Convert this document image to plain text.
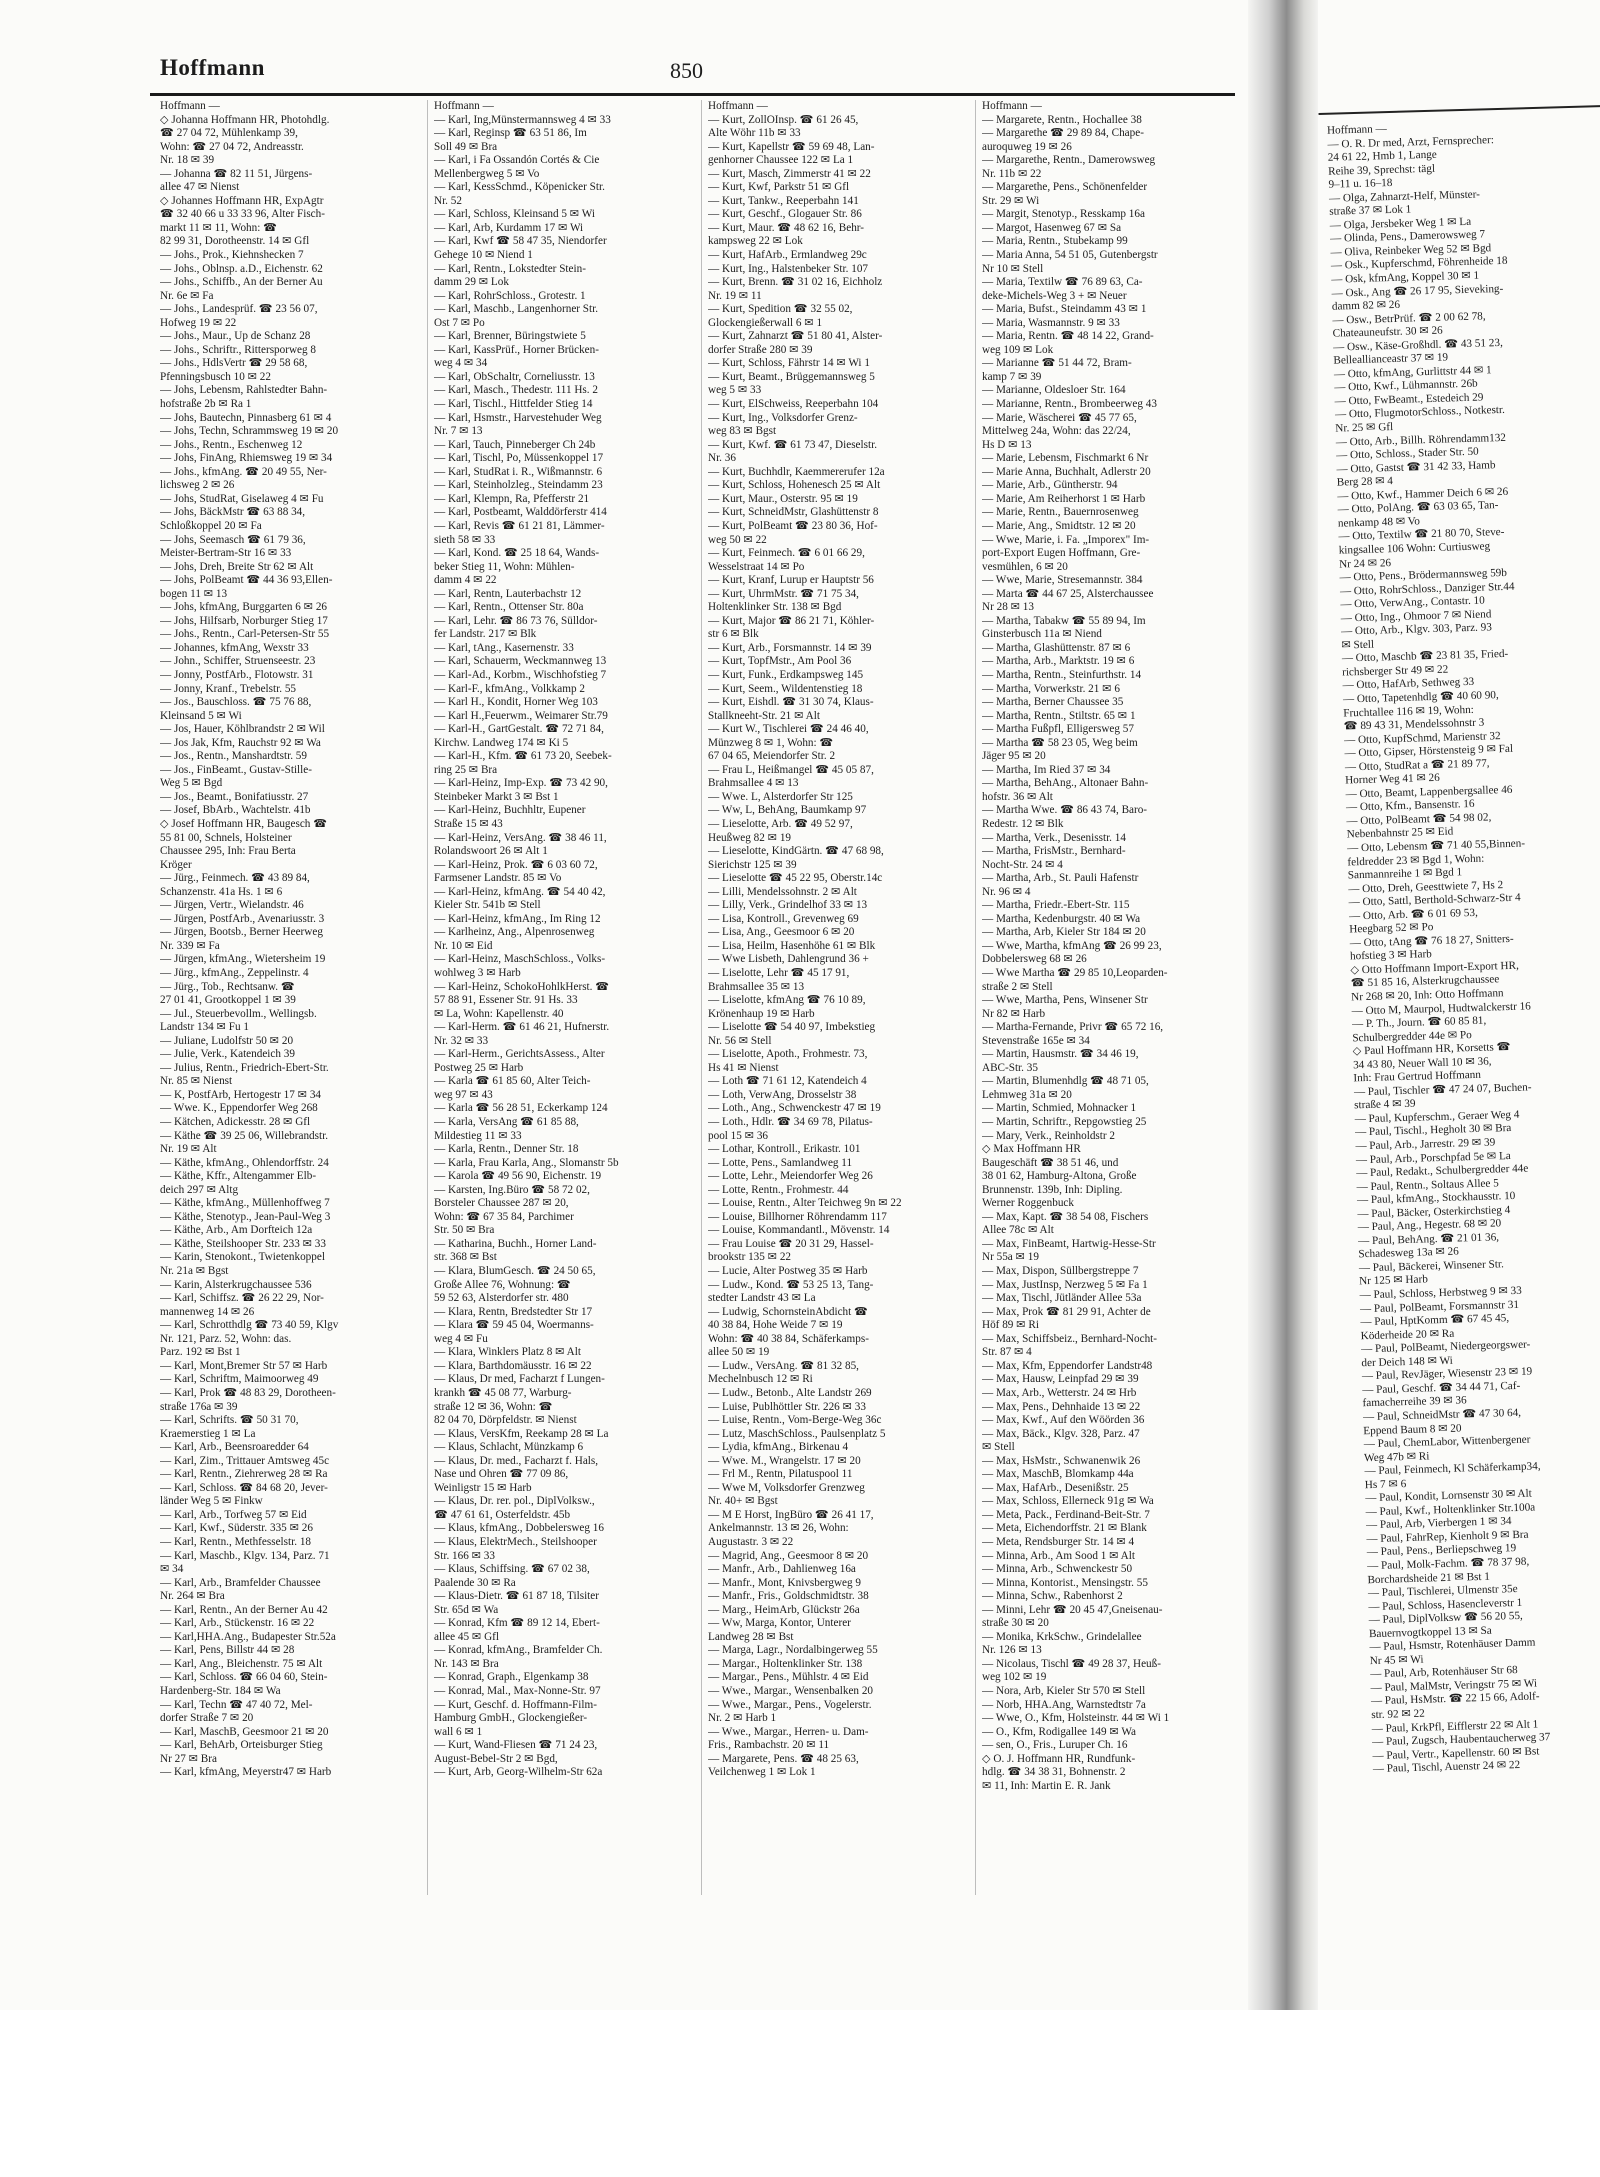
Hoffmann	850
Hoffmann —
◇ Johanna Hoffmann HR, Photohdlg.
☎ 27 04 72, Mühlenkamp 39,
Wohn: ☎ 27 04 72, Andreasstr.
Nr. 18 ✉ 39
— Johanna ☎ 82 11 51, Jürgens-
allee 47 ✉ Nienst
◇ Johannes Hoffmann HR, ExpAgtr
☎ 32 40 66 u 33 33 96, Alter Fisch-
markt 11 ✉ 11, Wohn: ☎
82 99 31, Dorotheenstr. 14 ✉ Gfl
— Johs., Prok., Kiehnshecken 7
— Johs., Oblnsp. a.D., Eichenstr. 62
— Johs., Schiffb., An der Berner Au
Nr. 6e ✉ Fa
— Johs., Landesprüf. ☎ 23 56 07,
Hofweg 19 ✉ 22
— Johs., Maur., Up de Schanz 28
— Johs., Schriftr., Rittersporweg 8
— Johs., HdlsVertr ☎ 29 58 68,
Pfenningsbusch 10 ✉ 22
— Johs, Lebensm, Rahlstedter Bahn-
hofstraße 2b ✉ Ra 1
— Johs, Bautechn, Pinnasberg 61 ✉ 4
— Johs, Techn, Schrammsweg 19 ✉ 20
— Johs., Rentn., Eschenweg 12
— Johs, FinAng, Rhiemsweg 19 ✉ 34
— Johs., kfmAng. ☎ 20 49 55, Ner-
lichsweg 2 ✉ 26
— Johs, StudRat, Giselaweg 4 ✉ Fu
— Johs, BäckMstr ☎ 63 88 34,
Schloßkoppel 20 ✉ Fa
— Johs, Seemasch ☎ 61 79 36,
Meister-Bertram-Str 16 ✉ 33
— Johs, Dreh, Breite Str 62 ✉ Alt
— Johs, PolBeamt ☎ 44 36 93,Ellen-
bogen 11 ✉ 13
— Johs, kfmAng, Burggarten 6 ✉ 26
— Johs, Hilfsarb, Norburger Stieg 17
— Johs., Rentn., Carl-Petersen-Str 55
— Johannes, kfmAng, Wexstr 33
— John., Schiffer, Struenseestr. 23
— Jonny, PostfArb., Flotowstr. 31
— Jonny, Kranf., Trebelstr. 55
— Jos., Bauschloss. ☎ 75 76 88,
Kleinsand 5 ✉ Wi
— Jos, Hauer, Köhlbrandstr 2 ✉ Wil
— Jos Jak, Kfm, Rauchstr 92 ✉ Wa
— Jos., Rentn., Manshardtstr. 59
— Jos., FinBeamt., Gustav-Stille-
Weg 5 ✉ Bgd
— Jos., Beamt., Bonifatiusstr. 27
— Josef, BbArb., Wachtelstr. 41b
◇ Josef Hoffmann HR, Baugesch ☎
55 81 00, Schnels, Holsteiner
Chaussee 295, Inh: Frau Berta
Kröger
— Jürg., Feinmech. ☎ 43 89 84,
Schanzenstr. 41a Hs. 1 ✉ 6
— Jürgen, Vertr., Wielandstr. 46
— Jürgen, PostfArb., Avenariusstr. 3
— Jürgen, Bootsb., Berner Heerweg
Nr. 339 ✉ Fa
— Jürgen, kfmAng., Wietersheim 19
— Jürg., kfmAng., Zeppelinstr. 4
— Jürg., Tob., Rechtsanw. ☎
27 01 41, Grootkoppel 1 ✉ 39
— Jul., Steuerbevollm., Wellingsb.
Landstr 134 ✉ Fu 1
— Juliane, Ludolfstr 50 ✉ 20
— Julie, Verk., Katendeich 39
— Julius, Rentn., Friedrich-Ebert-Str.
Nr. 85 ✉ Nienst
— K, PostfArb, Hertogestr 17 ✉ 34
— Wwe. K., Eppendorfer Weg 268
— Kätchen, Adickesstr. 28 ✉ Gfl
— Käthe ☎ 39 25 06, Willebrandstr.
Nr. 19 ✉ Alt
— Käthe, kfmAng., Ohlendorffstr. 24
— Käthe, Kffr., Altengammer Elb-
deich 297 ✉ Altg
— Käthe, kfmAng., Müllenhoffweg 7
— Käthe, Stenotyp., Jean-Paul-Weg 3
— Käthe, Arb., Am Dorfteich 12a
— Käthe, Steilshooper Str. 233 ✉ 33
— Karin, Stenokont., Twietenkoppel
Nr. 21a ✉ Bgst
— Karin, Alsterkrugchaussee 536
— Karl, Schiffsz. ☎ 26 22 29, Nor-
mannenweg 14 ✉ 26
— Karl, Schrotthdlg ☎ 73 40 59, Klgv
Nr. 121, Parz. 52, Wohn: das.
Parz. 192 ✉ Bst 1
— Karl, Mont,Bremer Str 57 ✉ Harb
— Karl, Schriftm, Maimoorweg 49
— Karl, Prok ☎ 48 83 29, Dorotheen-
straße 176a ✉ 39
— Karl, Schrifts. ☎ 50 31 70,
Kraemerstieg 1 ✉ La
— Karl, Arb., Beensroaredder 64
— Karl, Zim., Trittauer Amtsweg 45c
— Karl, Rentn., Ziehrerweg 28 ✉ Ra
— Karl, Schloss. ☎ 84 68 20, Jever-
länder Weg 5 ✉ Finkw
— Karl, Arb., Torfweg 57 ✉ Eid
— Karl, Kwf., Süderstr. 335 ✉ 26
— Karl, Rentn., Methfesselstr. 18
— Karl, Maschb., Klgv. 134, Parz. 71
✉ 34
— Karl, Arb., Bramfelder Chaussee
Nr. 264 ✉ Bra
— Karl, Rentn., An der Berner Au 42
— Karl, Arb., Stückenstr. 16 ✉ 22
— Karl,HHA.Ang., Budapester Str.52a
— Karl, Pens, Billstr 44 ✉ 28
— Karl, Ang., Bleichenstr. 75 ✉ Alt
— Karl, Schloss. ☎ 66 04 60, Stein-
Hardenberg-Str. 184 ✉ Wa
— Karl, Techn ☎ 47 40 72, Mel-
dorfer Straße 7 ✉ 20
— Karl, MaschB, Geesmoor 21 ✉ 20
— Karl, BehArb, Orteisburger Stieg
Nr 27 ✉ Bra
— Karl, kfmAng, Meyerstr47 ✉ Harb
Hoffmann —
— Karl, Ing,Münstermannsweg 4 ✉ 33
— Karl, Reginsp ☎ 63 51 86, Im
Soll 49 ✉ Bra
— Karl, i Fa Ossandón Cortés & Cie
Mellenbergweg 5 ✉ Vo
— Karl, KessSchmd., Köpenicker Str.
Nr. 52
— Karl, Schloss, Kleinsand 5 ✉ Wi
— Karl, Arb, Kurdamm 17 ✉ Wi
— Karl, Kwf ☎ 58 47 35, Niendorfer
Gehege 10 ✉ Niend 1
— Karl, Rentn., Lokstedter Stein-
damm 29 ✉ Lok
— Karl, RohrSchloss., Grotestr. 1
— Karl, Maschb., Langenhorner Str.
Ost 7 ✉ Po
— Karl, Brenner, Büringstwiete 5
— Karl, KassPrüf., Horner Brücken-
weg 4 ✉ 34
— Karl, ObSchaltr, Corneliusstr. 13
— Karl, Masch., Thedestr. 111 Hs. 2
— Karl, Tischl., Hittfelder Stieg 14
— Karl, Hsmstr., Harvestehuder Weg
Nr. 7 ✉ 13
— Karl, Tauch, Pinneberger Ch 24b
— Karl, Tischl, Po, Müssenkoppel 17
— Karl, StudRat i. R., Wißmannstr. 6
— Karl, Steinholzleg., Steindamm 23
— Karl, Klempn, Ra, Pfefferstr 21
— Karl, Postbeamt, Walddörferstr 414
— Karl, Revis ☎ 61 21 81, Lämmer-
sieth 58 ✉ 33
— Karl, Kond. ☎ 25 18 64, Wands-
beker Stieg 11, Wohn: Mühlen-
damm 4 ✉ 22
— Karl, Rentn, Lauterbachstr 12
— Karl, Rentn., Ottenser Str. 80a
— Karl, Lehr. ☎ 86 73 76, Sülldor-
fer Landstr. 217 ✉ Blk
— Karl, tAng., Kasernenstr. 33
— Karl, Schauerm, Weckmannweg 13
— Karl-Ad., Korbm., Wischhofstieg 7
— Karl-F., kfmAng., Volkkamp 2
— Karl H., Kondit, Horner Weg 103
— Karl H.,Feuerwm., Weimarer Str.79
— Karl-H., GartGestalt. ☎ 72 71 84,
Kirchw. Landweg 174 ✉ Ki 5
— Karl-H., Kfm. ☎ 61 73 20, Seebek-
ring 25 ✉ Bra
— Karl-Heinz, Imp-Exp. ☎ 73 42 90,
Steinbeker Markt 3 ✉ Bst 1
— Karl-Heinz, Buchhltr, Eupener
Straße 15 ✉ 43
— Karl-Heinz, VersAng. ☎ 38 46 11,
Rolandswoort 26 ✉ Alt 1
— Karl-Heinz, Prok. ☎ 6 03 60 72,
Farmsener Landstr. 85 ✉ Vo
— Karl-Heinz, kfmAng. ☎ 54 40 42,
Kieler Str. 541b ✉ Stell
— Karl-Heinz, kfmAng., Im Ring 12
— Karlheinz, Ang., Alpenrosenweg
Nr. 10 ✉ Eid
— Karl-Heinz, MaschSchloss., Volks-
wohlweg 3 ✉ Harb
— Karl-Heinz, SchokoHohlkHerst. ☎
57 88 91, Essener Str. 91 Hs. 33
✉ La, Wohn: Kapellenstr. 40
— Karl-Herm. ☎ 61 46 21, Hufnerstr.
Nr. 32 ✉ 33
— Karl-Herm., GerichtsAssess., Alter
Postweg 25 ✉ Harb
— Karla ☎ 61 85 60, Alter Teich-
weg 97 ✉ 43
— Karla ☎ 56 28 51, Eckerkamp 124
— Karla, VersAng ☎ 61 85 88,
Mildestieg 11 ✉ 33
— Karla, Rentn., Denner Str. 18
— Karla, Frau Karla, Ang., Slomanstr 5b
— Karola ☎ 49 56 90, Eichenstr. 19
— Karsten, Ing.Büro ☎ 58 72 02,
Borsteler Chaussee 287 ✉ 20,
Wohn: ☎ 67 35 84, Parchimer
Str. 50 ✉ Bra
— Katharina, Buchh., Horner Land-
str. 368 ✉ Bst
— Klara, BlumGesch. ☎ 24 50 65,
Große Allee 76, Wohnung: ☎
59 52 63, Alsterdorfer str. 480
— Klara, Rentn, Bredstedter Str 17
— Klara ☎ 59 45 04, Woermanns-
weg 4 ✉ Fu
— Klara, Winklers Platz 8 ✉ Alt
— Klara, Barthdomäusstr. 16 ✉ 22
— Klaus, Dr med, Facharzt f Lungen-
krankh ☎ 45 08 77, Warburg-
straße 12 ✉ 36, Wohn: ☎
82 04 70, Dörpfeldstr. ✉ Nienst
— Klaus, VersKfm, Reekamp 28 ✉ La
— Klaus, Schlacht, Münzkamp 6
— Klaus, Dr. med., Facharzt f. Hals,
Nase und Ohren ☎ 77 09 86,
Weinligstr 15 ✉ Harb
— Klaus, Dr. rer. pol., DiplVolksw.,
☎ 47 61 61, Osterfeldstr. 45b
— Klaus, kfmAng., Dobbelersweg 16
— Klaus, ElektrMech., Steilshooper
Str. 166 ✉ 33
— Klaus, Schiffsing. ☎ 67 02 38,
Paalende 30 ✉ Ra
— Klaus-Dietr. ☎ 61 87 18, Tilsiter
Str. 65d ✉ Wa
— Konrad, Kfm ☎ 89 12 14, Ebert-
allee 45 ✉ Gfl
— Konrad, kfmAng., Bramfelder Ch.
Nr. 143 ✉ Bra
— Konrad, Graph., Elgenkamp 38
— Konrad, Mal., Max-Nonne-Str. 97
— Kurt, Geschf. d. Hoffmann-Film-
Hamburg GmbH., Glockengießer-
wall 6 ✉ 1
— Kurt, Wand-Fliesen ☎ 71 24 23,
August-Bebel-Str 2 ✉ Bgd,
— Kurt, Arb, Georg-Wilhelm-Str 62a
Hoffmann —
— Kurt, ZollOInsp. ☎ 61 26 45,
Alte Wöhr 11b ✉ 33
— Kurt, Kapellstr ☎ 59 69 48, Lan-
genhorner Chaussee 122 ✉ La 1
— Kurt, Masch, Zimmerstr 41 ✉ 22
— Kurt, Kwf, Parkstr 51 ✉ Gfl
— Kurt, Tankw., Reeperbahn 141
— Kurt, Geschf., Glogauer Str. 86
— Kurt, Maur. ☎ 48 62 16, Behr-
kampsweg 22 ✉ Lok
— Kurt, HafArb., Ermlandweg 29c
— Kurt, Ing., Halstenbeker Str. 107
— Kurt, Brenn. ☎ 31 02 16, Eichholz
Nr. 19 ✉ 11
— Kurt, Spedition ☎ 32 55 02,
Glockengießerwall 6 ✉ 1
— Kurt, Zahnarzt ☎ 51 80 41, Alster-
dorfer Straße 280 ✉ 39
— Kurt, Schloss, Fährstr 14 ✉ Wi 1
— Kurt, Beamt., Brüggemannsweg 5
weg 5 ✉ 33
— Kurt, ElSchweiss, Reeperbahn 104
— Kurt, Ing., Volksdorfer Grenz-
weg 83 ✉ Bgst
— Kurt, Kwf. ☎ 61 73 47, Dieselstr.
Nr. 36
— Kurt, Buchhdlr, Kaemmererufer 12a
— Kurt, Schloss, Hohenesch 25 ✉ Alt
— Kurt, Maur., Osterstr. 95 ✉ 19
— Kurt, SchneidMstr, Glashüttenstr 8
— Kurt, PolBeamt ☎ 23 80 36, Hof-
weg 50 ✉ 22
— Kurt, Feinmech. ☎ 6 01 66 29,
Wesselstraat 14 ✉ Po
— Kurt, Kranf, Lurup er Hauptstr 56
— Kurt, UhrmMstr. ☎ 71 75 34,
Holtenklinker Str. 138 ✉ Bgd
— Kurt, Major ☎ 86 21 71, Köhler-
str 6 ✉ Blk
— Kurt, Arb., Forsmannstr. 14 ✉ 39
— Kurt, TopfMstr., Am Pool 36
— Kurt, Funk., Erdkampsweg 145
— Kurt, Seem., Wildentenstieg 18
— Kurt, Eishdl. ☎ 31 30 74, Klaus-
Stallkneeht-Str. 21 ✉ Alt
— Kurt W., Tischlerei ☎ 24 46 40,
Münzweg 8 ✉ 1, Wohn: ☎
67 04 65, Meiendorfer Str. 2
— Frau L, Heißmangel ☎ 45 05 87,
Brahmsallee 4 ✉ 13
— Wwe. L, Alsterdorfer Str 125
— Ww, L, BehAng, Baumkamp 97
— Lieselotte, Arb. ☎ 49 52 97,
Heußweg 82 ✉ 19
— Lieselotte, KindGärtn. ☎ 47 68 98,
Sierichstr 125 ✉ 39
— Lieselotte ☎ 45 22 95, Oberstr.14c
— Lilli, Mendelssohnstr. 2 ✉ Alt
— Lilly, Verk., Grindelhof 33 ✉ 13
— Lisa, Kontroll., Grevenweg 69
— Lisa, Ang., Geesmoor 6 ✉ 20
— Lisa, Heilm, Hasenhöhe 61 ✉ Blk
— Wwe Lisbeth, Dahlengrund 36 +
— Liselotte, Lehr ☎ 45 17 91,
Brahmsallee 35 ✉ 13
— Liselotte, kfmAng ☎ 76 10 89,
Krönenhaup 19 ✉ Harb
— Liselotte ☎ 54 40 97, Imbekstieg
Nr. 56 ✉ Stell
— Liselotte, Apoth., Frohmestr. 73,
Hs 41 ✉ Nienst
— Loth ☎ 71 61 12, Katendeich 4
— Loth, VerwAng, Drosselstr 38
— Loth., Ang., Schwenckestr 47 ✉ 19
— Loth., Hdlr. ☎ 34 69 78, Pilatus-
pool 15 ✉ 36
— Lothar, Kontroll., Erikastr. 101
— Lotte, Pens., Samlandweg 11
— Lotte, Lehr., Meiendorfer Weg 26
— Lotte, Rentn., Frohmestr. 44
— Louise, Rentn., Alter Teichweg 9n ✉ 22
— Louise, Billhorner Röhrendamm 117
— Louise, Kommandantl., Mövenstr. 14
— Frau Louise ☎ 20 31 29, Hassel-
brookstr 135 ✉ 22
— Lucie, Alter Postweg 35 ✉ Harb
— Ludw., Kond. ☎ 53 25 13, Tang-
stedter Landstr 43 ✉ La
— Ludwig, SchornsteinAbdicht ☎
40 38 84, Hohe Weide 7 ✉ 19
Wohn: ☎ 40 38 84, Schäferkamps-
allee 50 ✉ 19
— Ludw., VersAng. ☎ 81 32 85,
Mechelnbusch 12 ✉ Ri
— Ludw., Betonb., Alte Landstr 269
— Luise, Publhöttler Str. 226 ✉ 33
— Luise, Rentn., Vom-Berge-Weg 36c
— Lutz, MaschSchloss., Paulsenplatz 5
— Lydia, kfmAng., Birkenau 4
— Wwe. M., Wrangelstr. 17 ✉ 20
— Frl M., Rentn, Pilatuspool 11
— Wwe M, Volksdorfer Grenzweg
Nr. 40+ ✉ Bgst
— M E Horst, IngBüro ☎ 26 41 17,
Ankelmannstr. 13 ✉ 26, Wohn:
Augustastr. 3 ✉ 22
— Magrid, Ang., Geesmoor 8 ✉ 20
— Manfr., Arb., Dahlienweg 16a
— Manfr., Mont, Knivsbergweg 9
— Manfr., Fris., Goldschmidtstr. 38
— Marg., HeimArb, Glückstr 26a
— Ww, Marga, Kontor, Unterer
Landweg 28 ✉ Bst
— Marga, Lagr., Nordalbingerweg 55
— Margar., Holtenklinker Str. 138
— Margar., Pens., Mühlstr. 4 ✉ Eid
— Wwe., Margar., Wensenbalken 20
— Wwe., Margar., Pens., Vogelerstr.
Nr. 2 ✉ Harb 1
— Wwe., Margar., Herren- u. Dam-
Fris., Rambachstr. 20 ✉ 11
— Margarete, Pens. ☎ 48 25 63,
Veilchenweg 1 ✉ Lok 1
Hoffmann —
— Margarete, Rentn., Hochallee 38
— Margarethe ☎ 29 89 84, Chape-
auroquweg 19 ✉ 26
— Margarethe, Rentn., Damerowsweg
Nr. 11b ✉ 22
— Margarethe, Pens., Schönenfelder
Str. 29 ✉ Wi
— Margit, Stenotyp., Resskamp 16a
— Margot, Hasenweg 67 ✉ Sa
— Maria, Rentn., Stubekamp 99
— Maria Anna, 54 51 05, Gutenbergstr
Nr 10 ✉ Stell
— Maria, Textilw ☎ 76 89 63, Ca-
deke-Michels-Weg 3 + ✉ Neuer
— Maria, Bufst., Steindamm 43 ✉ 1
— Maria, Wasmannstr. 9 ✉ 33
— Maria, Rentn. ☎ 48 14 22, Grand-
weg 109 ✉ Lok
— Marianne ☎ 51 44 72, Bram-
kamp 7 ✉ 39
— Marianne, Oldesloer Str. 164
— Marianne, Rentn., Brombeerweg 43
— Marie, Wäscherei ☎ 45 77 65,
Mittelweg 24a, Wohn: das 22/24,
Hs D ✉ 13
— Marie, Lebensm, Fischmarkt 6 Nr
— Marie Anna, Buchhalt, Adlerstr 20
— Marie, Arb., Güntherstr. 94
— Marie, Am Reiherhorst 1 ✉ Harb
— Marie, Rentn., Bauernrosenweg
— Marie, Ang., Smidtstr. 12 ✉ 20
— Wwe, Marie, i. Fa. „Imporex" Im-
port-Export Eugen Hoffmann, Gre-
vesmühlen, 6 ✉ 20
— Wwe, Marie, Stresemannstr. 384
— Marta ☎ 44 67 25, Alsterchaussee
Nr 28 ✉ 13
— Martha, Tabakw ☎ 55 89 94, Im
Ginsterbusch 11a ✉ Niend
— Martha, Glashüttenstr. 87 ✉ 6
— Martha, Arb., Marktstr. 19 ✉ 6
— Martha, Rentn., Steinfurthstr. 14
— Martha, Vorwerkstr. 21 ✉ 6
— Martha, Berner Chaussee 35
— Martha, Rentn., Stiltstr. 65 ✉ 1
— Martha Fußpfl, Elligersweg 57
— Martha ☎ 58 23 05, Weg beim
Jäger 95 ✉ 20
— Martha, Im Ried 37 ✉ 34
— Martha, BehAng., Altonaer Bahn-
hofstr. 36 ✉ Alt
— Martha Wwe. ☎ 86 43 74, Baro-
Redestr. 12 ✉ Blk
— Martha, Verk., Desenisstr. 14
— Martha, FrisMstr., Bernhard-
Nocht-Str. 24 ✉ 4
— Martha, Arb., St. Pauli Hafenstr
Nr. 96 ✉ 4
— Martha, Friedr.-Ebert-Str. 115
— Martha, Kedenburgstr. 40 ✉ Wa
— Martha, Arb, Kieler Str 184 ✉ 20
— Wwe, Martha, kfmAng ☎ 26 99 23,
Dobbelersweg 68 ✉ 26
— Wwe Martha ☎ 29 85 10,Leoparden-
straße 2 ✉ Stell
— Wwe, Martha, Pens, Winsener Str
Nr 82 ✉ Harb
— Martha-Fernande, Privr ☎ 65 72 16,
Stevenstraße 165e ✉ 34
— Martin, Hausmstr. ☎ 34 46 19,
ABC-Str. 35
— Martin, Blumenhdlg ☎ 48 71 05,
Lehmweg 31a ✉ 20
— Martin, Schmied, Mohnacker 1
— Martin, Schriftr., Repgowstieg 25
— Mary, Verk., Reinholdstr 2
◇ Max Hoffmann HR
Baugeschäft ☎ 38 51 46, und
38 01 62, Hamburg-Altona, Große
Brunnenstr. 139b, Inh: Dipling.
Werner Roggenbuck
— Max, Kapt. ☎ 38 54 08, Fischers
Allee 78c ✉ Alt
— Max, FinBeamt, Hartwig-Hesse-Str
Nr 55a ✉ 19
— Max, Dispon, Süllbergstreppe 7
— Max, JustInsp, Nerzweg 5 ✉ Fa 1
— Max, Tischl, Jütländer Allee 53a
— Max, Prok ☎ 81 29 91, Achter de
Höf 89 ✉ Ri
— Max, Schiffsbeiz., Bernhard-Nocht-
Str. 87 ✉ 4
— Max, Kfm, Eppendorfer Landstr48
— Max, Hausw, Leinpfad 29 ✉ 39
— Max, Arb., Wetterstr. 24 ✉ Hrb
— Max, Pens., Dehnhaide 13 ✉ 22
— Max, Kwf., Auf den Wöörden 36
— Max, Bäck., Klgv. 328, Parz. 47
✉ Stell
— Max, HsMstr., Schwanenwik 26
— Max, MaschB, Blomkamp 44a
— Max, HafArb., Desenißstr. 25
— Max, Schloss, Ellerneck 91g ✉ Wa
— Meta, Pack., Ferdinand-Beit-Str. 7
— Meta, Eichendorffstr. 21 ✉ Blank
— Meta, Rendsburger Str. 14 ✉ 4
— Minna, Arb., Am Sood 1 ✉ Alt
— Minna, Arb., Schwenckestr 50
— Minna, Kontorist., Mensingstr. 55
— Minna, Schw., Rabenhorst 2
— Minni, Lehr ☎ 20 45 47,Gneisenau-
straße 30 ✉ 20
— Monika, KrkSchw., Grindelallee
Nr. 126 ✉ 13
— Nicolaus, Tischl ☎ 49 28 37, Heuß-
weg 102 ✉ 19
— Nora, Arb, Kieler Str 570 ✉ Stell
— Norb, HHA.Ang, Warnstedtstr 7a
— Wwe, O., Kfm, Holsteinstr. 44 ✉ Wi 1
— O., Kfm, Rodigallee 149 ✉ Wa
— sen, O., Fris., Luruper Ch. 16
◇ O. J. Hoffmann HR, Rundfunk-
hdlg. ☎ 34 38 31, Bohnenstr. 2
✉ 11, Inh: Martin E. R. Jank
Hoffmann —
— O. R. Dr med, Arzt, Fernsprecher:
24 61 22, Hmb 1, Lange
Reihe 39, Sprechst: tägl
9–11 u. 16–18
— Olga, Zahnarzt-Helf, Münster-
straße 37 ✉ Lok 1
— Olga, Jersbeker Weg 1 ✉ La
— Olinda, Pens., Damerowsweg 7
— Oliva, Reinbeker Weg 52 ✉ Bgd
— Osk., Kupferschmd, Föhrenheide 18
— Osk, kfmAng, Koppel 30 ✉ 1
— Osk., Ang ☎ 26 17 95, Sieveking-
damm 82 ✉ 26
— Osw., BetrPrüf. ☎ 2 00 62 78,
Chateauneufstr. 30 ✉ 26
— Osw., Käse-Großhdl. ☎ 43 51 23,
Belleallianceastr 37 ✉ 19
— Otto, kfmAng, Gurlittstr 44 ✉ 1
— Otto, Kwf., Lühmannstr. 26b
— Otto, FwBeamt., Estedeich 29
— Otto, FlugmotorSchloss., Notkestr.
Nr. 25 ✉ Gfl
— Otto, Arb., Billh. Röhrendamm132
— Otto, Schloss., Stader Str. 50
— Otto, Gastst ☎ 31 42 33, Hamb
Berg 28 ✉ 4
— Otto, Kwf., Hammer Deich 6 ✉ 26
— Otto, PolAng. ☎ 63 03 65, Tan-
nenkamp 48 ✉ Vo
— Otto, Textilw ☎ 21 80 70, Steve-
kingsallee 106 Wohn: Curtiusweg
Nr 24 ✉ 26
— Otto, Pens., Brödermannsweg 59b
— Otto, RohrSchloss., Danziger Str.44
— Otto, VerwAng., Contastr. 10
— Otto, Ing., Ohmoor 7 ✉ Niend
— Otto, Arb., Klgv. 303, Parz. 93
✉ Stell
— Otto, Maschb ☎ 23 81 35, Fried-
richsberger Str 49 ✉ 22
— Otto, HafArb, Sethweg 33
— Otto, Tapetenhdlg ☎ 40 60 90,
Fruchtallee 116 ✉ 19, Wohn:
☎ 89 43 31, Mendelssohnstr 3
— Otto, KupfSchmd, Marienstr 32
— Otto, Gipser, Hörstensteig 9 ✉ Fal
— Otto, StudRat a ☎ 21 89 77,
Horner Weg 41 ✉ 26
— Otto, Beamt, Lappenbergsallee 46
— Otto, Kfm., Bansenstr. 16
— Otto, PolBeamt ☎ 54 98 02,
Nebenbahnstr 25 ✉ Eid
— Otto, Lebensm ☎ 71 40 55,Binnen-
feldredder 23 ✉ Bgd 1, Wohn:
Sanmannreihe 1 ✉ Bgd 1
— Otto, Dreh, Geesttwiete 7, Hs 2
— Otto, Sattl, Berthold-Schwarz-Str 4
— Otto, Arb. ☎ 6 01 69 53,
Heegbarg 52 ✉ Po
— Otto, tAng ☎ 76 18 27, Snitters-
hofstieg 3 ✉ Harb
◇ Otto Hoffmann Import-Export HR,
☎ 51 85 16, Alsterkrugchaussee
Nr 268 ✉ 20, Inh: Otto Hoffmann
— Otto M, Maurpol, Hudtwalckerstr 16
— P. Th., Journ. ☎ 60 85 81,
Schulbergredder 44e ✉ Po
◇ Paul Hoffmann HR, Korsetts ☎
34 43 80, Neuer Wall 10 ✉ 36,
Inh: Frau Gertrud Hoffmann
— Paul, Tischler ☎ 47 24 07, Buchen-
straße 4 ✉ 39
— Paul, Kupferschm., Geraer Weg 4
— Paul, Tischl., Hegholt 30 ✉ Bra
— Paul, Arb., Jarrestr. 29 ✉ 39
— Paul, Arb., Porschpfad 5e ✉ La
— Paul, Redakt., Schulbergredder 44e
— Paul, Rentn., Soltaus Allee 5
— Paul, kfmAng., Stockhausstr. 10
— Paul, Bäcker, Osterkirchstieg 4
— Paul, Ang., Hegestr. 68 ✉ 20
— Paul, BehAng. ☎ 21 01 36,
Schadesweg 13a ✉ 26
— Paul, Bäckerei, Winsener Str.
Nr 125 ✉ Harb
— Paul, Schloss, Herbstweg 9 ✉ 33
— Paul, PolBeamt, Forsmannstr 31
— Paul, HptKomm ☎ 67 45 45,
Köderheide 20 ✉ Ra
— Paul, PolBeamt, Niedergeorgswer-
der Deich 148 ✉ Wi
— Paul, RevJäger, Wiesenstr 23 ✉ 19
— Paul, Geschf. ☎ 34 44 71, Caf-
famacherreihe 39 ✉ 36
— Paul, SchneidMstr ☎ 47 30 64,
Eppend Baum 8 ✉ 20
— Paul, ChemLabor, Wittenbergener
Weg 47b ✉ Ri
— Paul, Feinmech, Kl Schäferkamp34,
Hs 7 ✉ 6
— Paul, Kondit, Lornsenstr 30 ✉ Alt
— Paul, Kwf., Holtenklinker Str.100a
— Paul, Arb, Vierbergen 1 ✉ 34
— Paul, FahrRep, Kienholt 9 ✉ Bra
— Paul, Pens., Berliepschweg 19
— Paul, Molk-Fachm. ☎ 78 37 98,
Borchardsheide 21 ✉ Bst 1
— Paul, Tischlerei, Ulmenstr 35e
— Paul, Schloss, Hasencleverstr 1
— Paul, DiplVolksw ☎ 56 20 55,
Bauernvogtkoppel 13 ✉ Sa
— Paul, Hsmstr, Rotenhäuser Damm
Nr 45 ✉ Wi
— Paul, Arb, Rotenhäuser Str 68
— Paul, MalMstr, Veringstr 75 ✉ Wi
— Paul, HsMstr. ☎ 22 15 66, Adolf-
str. 92 ✉ 22
— Paul, KrkPfl, Eifflerstr 22 ✉ Alt 1
— Paul, Zugsch, Haubentaucherweg 37
— Paul, Vertr., Kapellenstr. 60 ✉ Bst
— Paul, Tischl, Auenstr 24 ✉ 22
